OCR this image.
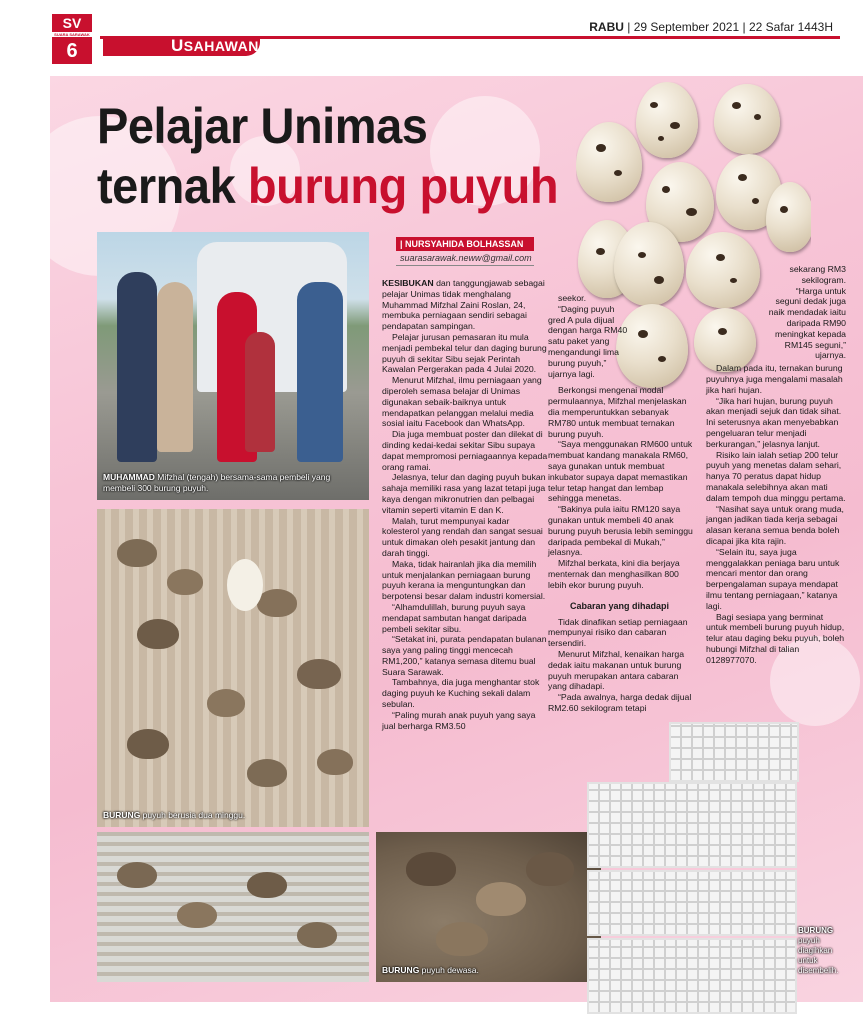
SV
SUARA SARAWAK
6	USAHAWAN
RABU | 29 September 2021 | 22 Safar 1443H
Pelajar Unimas
ternak burung puyuh
MUHAMMAD Mifzhal (tengah) bersama-sama pembeli yang membeli 300 burung puyuh.
BURUNG puyuh berusia dua minggu.
BURUNG puyuh dewasa.
BURUNG puyuh diagihkan untuk disembelih.
| NURSYAHIDA BOLHASSAN
suarasarawak.neww@gmail.com

KESIBUKAN dan tanggungjawab sebagai pelajar Unimas tidak menghalang Muhammad Mifzhal Zaini Roslan, 24, membuka perniagaan sendiri sebagai pendapatan sampingan.

Pelajar jurusan pemasaran itu mula menjadi pembekal telur dan daging burung puyuh di sekitar Sibu sejak Perintah Kawalan Pergerakan pada 4 Julai 2020.

Menurut Mifzhal, ilmu perniagaan yang diperoleh semasa belajar di Unimas digunakan sebaik-baiknya untuk mendapatkan pelanggan melalui media sosial iaitu Facebook dan WhatsApp.

Dia juga membuat poster dan dilekat di dinding kedai-kedai sekitar Sibu supaya dapat mempromosi perniagaannya kepada orang ramai.

Jelasnya, telur dan daging puyuh bukan sahaja memiliki rasa yang lazat tetapi juga kaya dengan mikronutrien dan pelbagai vitamin seperti vitamin E dan K.

Malah, turut mempunyai kadar kolesterol yang rendah dan sangat sesuai untuk dimakan oleh pesakit jantung dan darah tinggi.

Maka, tidak hairanlah jika dia memilih untuk menjalankan perniagaan burung puyuh kerana ia menguntungkan dan berpotensi besar dalam industri komersial.

“Alhamdulillah, burung puyuh saya mendapat sambutan hangat daripada pembeli sekitar sibu.

“Setakat ini, purata pendapatan bulanan saya yang paling tinggi mencecah RM1,200,” katanya semasa ditemu bual Suara Sarawak.

Tambahnya, dia juga menghantar stok daging puyuh ke Kuching sekali dalam sebulan.

“Paling murah anak puyuh yang saya jual berharga RM3.50

seekor.

“Daging puyuh gred A pula dijual dengan harga RM40 satu paket yang mengandungi lima burung puyuh,” ujarnya lagi.

Berkongsi mengenai modal permulaannya, Mifzhal menjelaskan dia memperuntukkan sebanyak RM780 untuk membuat ternakan burung puyuh.

“Saya menggunakan RM600 untuk membuat kandang manakala RM60, saya gunakan untuk membuat inkubator supaya dapat memastikan telur tetap hangat dan lembap sehingga menetas.

“Bakinya pula iaitu RM120 saya gunakan untuk membeli 40 anak burung puyuh berusia lebih seminggu daripada pembekal di Mukah,” jelasnya.

Mifzhal berkata, kini dia berjaya menternak dan menghasilkan 800 lebih ekor burung puyuh.

Cabaran yang dihadapi

Tidak dinafikan setiap perniagaan mempunyai risiko dan cabaran tersendiri.

Menurut Mifzhal, kenaikan harga dedak iaitu makanan untuk burung puyuh merupakan antara cabaran yang dihadapi.

“Pada awalnya, harga dedak dijual RM2.60 sekilogram tetapi

sekarang RM3 sekilogram.

“Harga untuk seguni dedak juga naik mendadak iaitu daripada RM90 meningkat kepada RM145 seguni,” ujarnya.

Dalam pada itu, ternakan burung puyuhnya juga mengalami masalah jika hari hujan.

“Jika hari hujan, burung puyuh akan menjadi sejuk dan tidak sihat. Ini seterusnya akan menyebabkan pengeluaran telur menjadi berkurangan,” jelasnya lanjut.

Risiko lain ialah setiap 200 telur puyuh yang menetas dalam sehari, hanya 70 peratus dapat hidup manakala selebihnya akan mati dalam tempoh dua minggu pertama.

“Nasihat saya untuk orang muda, jangan jadikan tiada kerja sebagai alasan kerana semua benda boleh dicapai jika kita rajin.

“Selain itu, saya juga menggalakkan peniaga baru untuk mencari mentor dan orang berpengalaman supaya mendapat ilmu tentang perniagaan,” katanya lagi.

Bagi sesiapa yang berminat untuk membeli burung puyuh hidup, telur atau daging beku puyuh, boleh hubungi Mifzhal di talian 0128977070.
